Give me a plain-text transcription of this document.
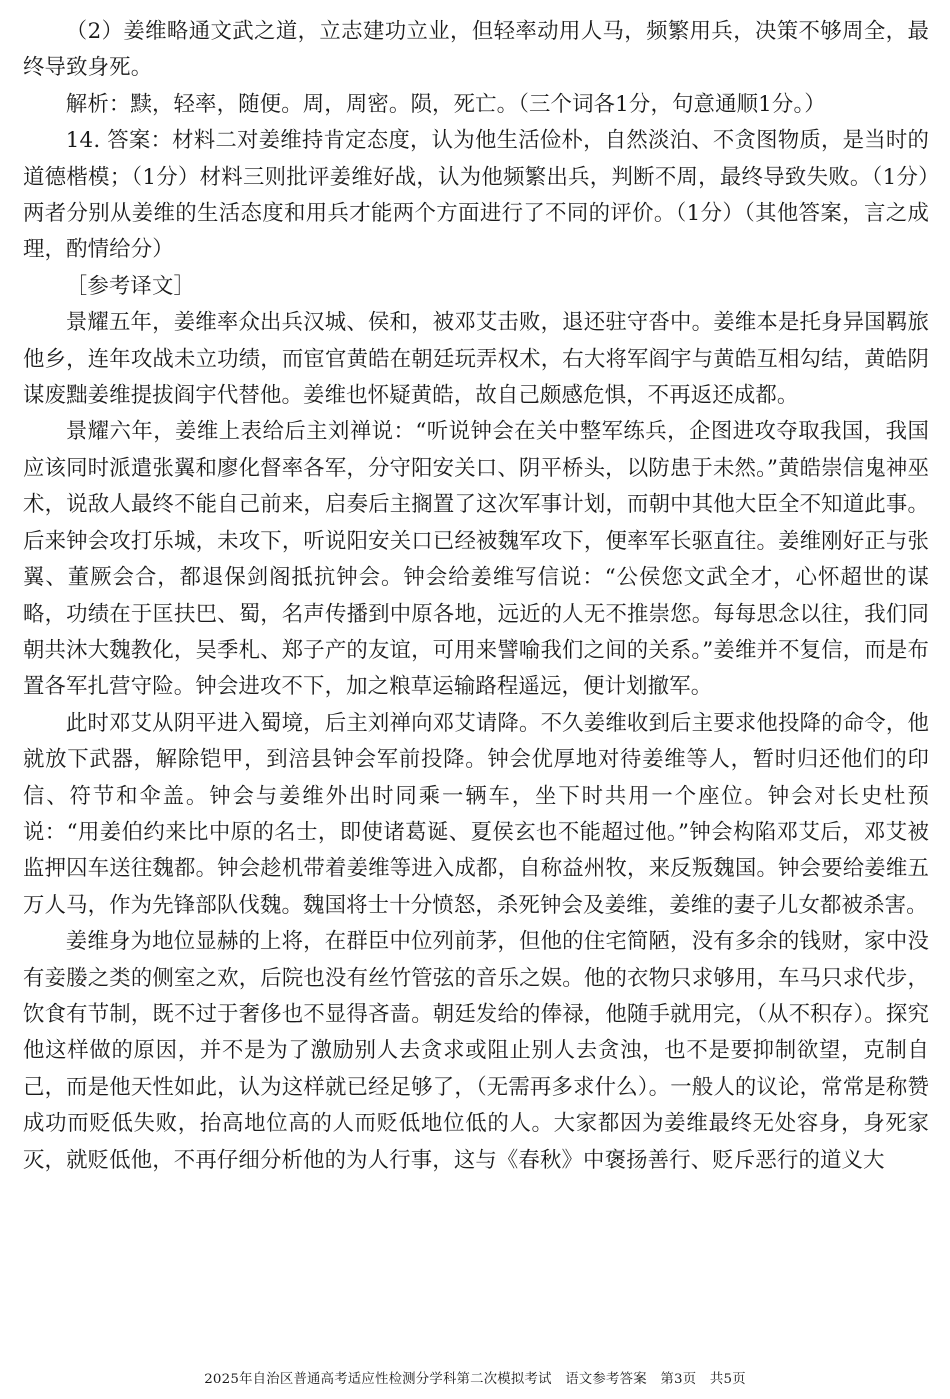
（2）姜维略通文武之道，立志建功立业，但轻率动用人马，频繁用兵，决策不够周全，最终导致身死。

解析：黩，轻率，随便。周，周密。陨，死亡。（三个词各1分，句意通顺1分。）

14. 答案：材料二对姜维持肯定态度，认为他生活俭朴，自然淡泊、不贪图物质，是当时的道德楷模；（1分）材料三则批评姜维好战，认为他频繁出兵，判断不周，最终导致失败。（1分）两者分别从姜维的生活态度和用兵才能两个方面进行了不同的评价。（1分）（其他答案，言之成理，酌情给分）

［参考译文］

景耀五年，姜维率众出兵汉城、侯和，被邓艾击败，退还驻守沓中。姜维本是托身异国羁旅他乡，连年攻战未立功绩，而宦官黄皓在朝廷玩弄权术，右大将军阎宇与黄皓互相勾结，黄皓阴谋废黜姜维提拔阎宇代替他。姜维也怀疑黄皓，故自己颇感危惧，不再返还成都。

景耀六年，姜维上表给后主刘禅说：“听说钟会在关中整军练兵，企图进攻夺取我国，我国应该同时派遣张翼和廖化督率各军，分守阳安关口、阴平桥头，以防患于未然。”黄皓崇信鬼神巫术，说敌人最终不能自己前来，启奏后主搁置了这次军事计划，而朝中其他大臣全不知道此事。后来钟会攻打乐城，未攻下，听说阳安关口已经被魏军攻下，便率军长驱直往。姜维刚好正与张翼、董厥会合，都退保剑阁抵抗钟会。钟会给姜维写信说：“公侯您文武全才，心怀超世的谋略，功绩在于匡扶巴、蜀，名声传播到中原各地，远近的人无不推崇您。每每思念以往，我们同朝共沐大魏教化，吴季札、郑子产的友谊，可用来譬喻我们之间的关系。”姜维并不复信，而是布置各军扎营守险。钟会进攻不下，加之粮草运输路程遥远，便计划撤军。

此时邓艾从阴平进入蜀境，后主刘禅向邓艾请降。不久姜维收到后主要求他投降的命令，他就放下武器，解除铠甲，到涪县钟会军前投降。钟会优厚地对待姜维等人，暂时归还他们的印信、符节和伞盖。钟会与姜维外出时同乘一辆车，坐下时共用一个座位。钟会对长史杜预说：“用姜伯约来比中原的名士，即使诸葛诞、夏侯玄也不能超过他。”钟会构陷邓艾后，邓艾被监押囚车送往魏都。钟会趁机带着姜维等进入成都，自称益州牧，来反叛魏国。钟会要给姜维五万人马，作为先锋部队伐魏。魏国将士十分愤怒，杀死钟会及姜维，姜维的妻子儿女都被杀害。

姜维身为地位显赫的上将，在群臣中位列前茅，但他的住宅简陋，没有多余的钱财，家中没有妾媵之类的侧室之欢，后院也没有丝竹管弦的音乐之娱。他的衣物只求够用，车马只求代步，饮食有节制，既不过于奢侈也不显得吝啬。朝廷发给的俸禄，他随手就用完，（从不积存）。探究他这样做的原因，并不是为了激励别人去贪求或阻止别人去贪浊，也不是要抑制欲望，克制自己，而是他天性如此，认为这样就已经足够了，（无需再多求什么）。一般人的议论，常常是称赞成功而贬低失败，抬高地位高的人而贬低地位低的人。大家都因为姜维最终无处容身，身死家灭，就贬低他，不再仔细分析他的为人行事，这与《春秋》中褒扬善行、贬斥恶行的道义大

2025年自治区普通高考适应性检测分学科第二次模拟考试　语文参考答案　第3页　共5页
